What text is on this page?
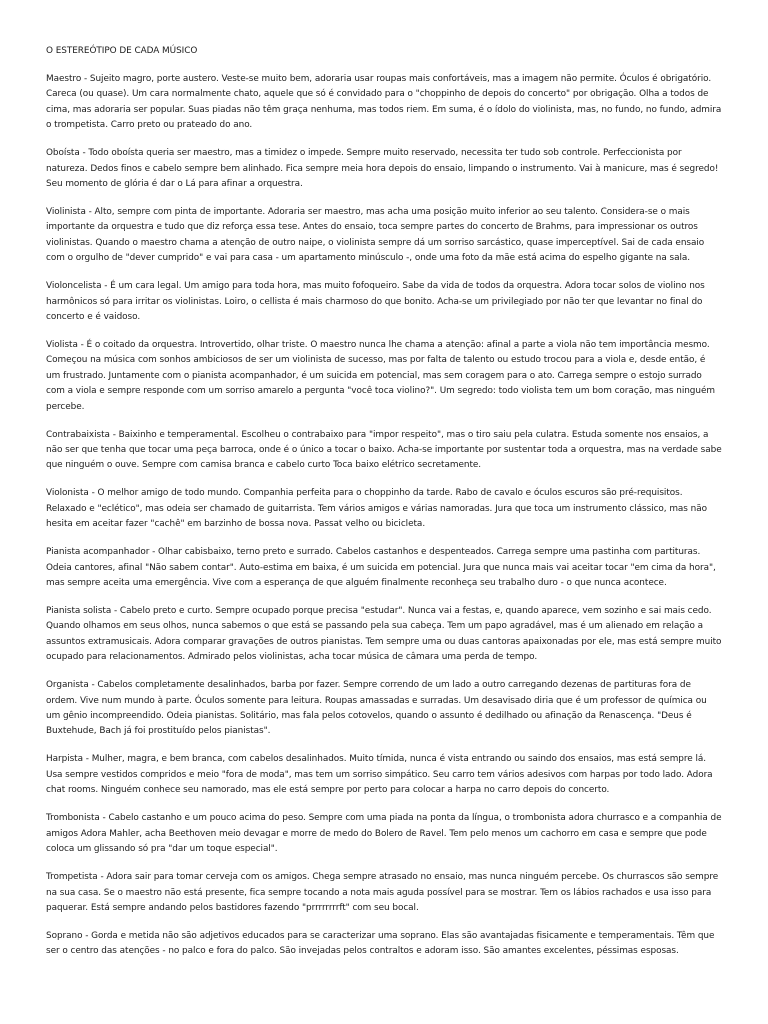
O ESTEREÓTIPO DE CADA MÚSICO

Maestro - Sujeito magro, porte austero. Veste-se muito bem, adoraria usar roupas mais confortáveis, mas a imagem não permite. Óculos é obrigatório. Careca (ou quase). Um cara normalmente chato, aquele que só é convidado para o "choppinho de depois do concerto" por obrigação. Olha a todos de cima, mas adoraria ser popular. Suas piadas não têm graça nenhuma, mas todos riem. Em suma, é o ídolo do violinista, mas, no fundo, no fundo, admira o trompetista. Carro preto ou prateado do ano.

Oboísta - Todo oboísta queria ser maestro, mas a timidez o impede. Sempre muito reservado, necessita ter tudo sob controle. Perfeccionista por natureza. Dedos finos e cabelo sempre bem alinhado. Fica sempre meia hora depois do ensaio, limpando o instrumento. Vai à manicure, mas é segredo! Seu momento de glória é dar o Lá para afinar a orquestra.

Violinista - Alto, sempre com pinta de importante. Adoraria ser maestro, mas acha uma posição muito inferior ao seu talento. Considera-se o mais importante da orquestra e tudo que diz reforça essa tese. Antes do ensaio, toca sempre partes do concerto de Brahms, para impressionar os outros violinistas. Quando o maestro chama a atenção de outro naipe, o violinista sempre dá um sorriso sarcástico, quase imperceptível. Sai de cada ensaio com o orgulho de "dever cumprido" e vai para casa - um apartamento minúsculo -, onde uma foto da mãe está acima do espelho gigante na sala.

Violoncelista - É um cara legal. Um amigo para toda hora, mas muito fofoqueiro. Sabe da vida de todos da orquestra. Adora tocar solos de violino nos harmônicos só para irritar os violinistas. Loiro, o cellista é mais charmoso do que bonito. Acha-se um privilegiado por não ter que levantar no final do concerto e é vaidoso.

Violista - É o coitado da orquestra. Introvertido, olhar triste. O maestro nunca lhe chama a atenção: afinal a parte a viola não tem importância mesmo. Começou na música com sonhos ambiciosos de ser um violinista de sucesso, mas por falta de talento ou estudo trocou para a viola e, desde então, é um frustrado. Juntamente com o pianista acompanhador, é um suicida em potencial, mas sem coragem para o ato. Carrega sempre o estojo surrado com a viola e sempre responde com um sorriso amarelo a pergunta "você toca violino?". Um segredo: todo violista tem um bom coração, mas ninguém percebe.

Contrabaixista - Baixinho e temperamental. Escolheu o contrabaixo para "impor respeito", mas o tiro saiu pela culatra. Estuda somente nos ensaios, a não ser que tenha que tocar uma peça barroca, onde é o único a tocar o baixo. Acha-se importante por sustentar toda a orquestra, mas na verdade sabe que ninguém o ouve. Sempre com camisa branca e cabelo curto Toca baixo elétrico secretamente.

Violonista - O melhor amigo de todo mundo. Companhia perfeita para o choppinho da tarde. Rabo de cavalo e óculos escuros são pré-requisitos. Relaxado e "eclético", mas odeia ser chamado de guitarrista. Tem vários amigos e várias namoradas. Jura que toca um instrumento clássico, mas não hesita em aceitar fazer "cachê" em barzinho de bossa nova. Passat velho ou bicicleta.

Pianista acompanhador - Olhar cabisbaixo, terno preto e surrado. Cabelos castanhos e despenteados. Carrega sempre uma pastinha com partituras. Odeia cantores, afinal "Não sabem contar". Auto-estima em baixa, é um suicida em potencial. Jura que nunca mais vai aceitar tocar "em cima da hora", mas sempre aceita uma emergência. Vive com a esperança de que alguém finalmente reconheça seu trabalho duro - o que nunca acontece.

Pianista solista - Cabelo preto e curto. Sempre ocupado porque precisa "estudar". Nunca vai a festas, e, quando aparece, vem sozinho e sai mais cedo. Quando olhamos em seus olhos, nunca sabemos o que está se passando pela sua cabeça. Tem um papo agradável, mas é um alienado em relação a assuntos extramusicais. Adora comparar gravações de outros pianistas. Tem sempre uma ou duas cantoras apaixonadas por ele, mas está sempre muito ocupado para relacionamentos. Admirado pelos violinistas, acha tocar música de câmara uma perda de tempo.

Organista - Cabelos completamente desalinhados, barba por fazer. Sempre correndo de um lado a outro carregando dezenas de partituras fora de ordem. Vive num mundo à parte. Óculos somente para leitura. Roupas amassadas e surradas. Um desavisado diria que é um professor de química ou um gênio incompreendido. Odeia pianistas. Solitário, mas fala pelos cotovelos, quando o assunto é dedilhado ou afinação da Renascença. "Deus é Buxtehude, Bach já foi prostituído pelos pianistas".

Harpista - Mulher, magra, e bem branca, com cabelos desalinhados. Muito tímida, nunca é vista entrando ou saindo dos ensaios, mas está sempre lá. Usa sempre vestidos compridos e meio "fora de moda", mas tem um sorriso simpático. Seu carro tem vários adesivos com harpas por todo lado. Adora chat rooms. Ninguém conhece seu namorado, mas ele está sempre por perto para colocar a harpa no carro depois do concerto.

Trombonista - Cabelo castanho e um pouco acima do peso. Sempre com uma piada na ponta da língua, o trombonista adora churrasco e a companhia de amigos Adora Mahler, acha Beethoven meio devagar e morre de medo do Bolero de Ravel. Tem pelo menos um cachorro em casa e sempre que pode coloca um glissando só pra "dar um toque especial".

Trompetista - Adora sair para tomar cerveja com os amigos. Chega sempre atrasado no ensaio, mas nunca ninguém percebe. Os churrascos são sempre na sua casa. Se o maestro não está presente, fica sempre tocando a nota mais aguda possível para se mostrar. Tem os lábios rachados e usa isso para paquerar. Está sempre andando pelos bastidores fazendo "prrrrrrrrft" com seu bocal.

Soprano - Gorda e metida não são adjetivos educados para se caracterizar uma soprano. Elas são avantajadas fisicamente e temperamentais. Têm que ser o centro das atenções - no palco e fora do palco. São invejadas pelos contraltos e adoram isso. São amantes excelentes, péssimas esposas.
